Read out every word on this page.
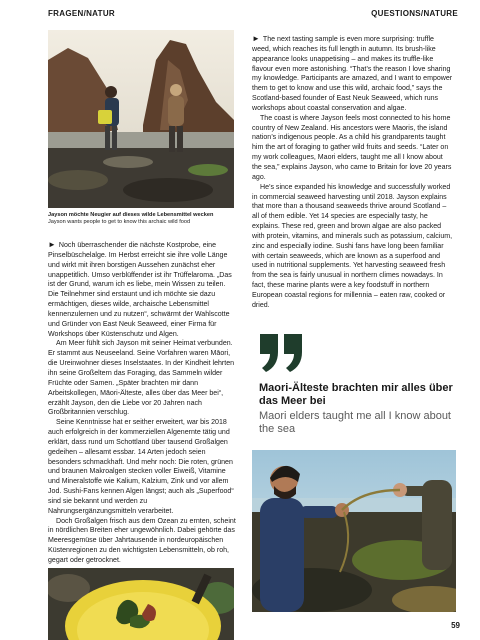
FRAGEN/NATUR	QUESTIONS/NATURE
Jayson möchte Neugier auf dieses wilde Lebensmittel wecken
Jayson wants people to get to know this archaic wild food

► Noch überraschender die nächste Kostprobe, eine Pinselbüschelalge. Im Herbst erreicht sie ihre volle Länge und wirkt mit ihren borstigen Aussehen zunächst eher unappetitlich. Umso verblüffender ist ihr Trüffelaroma. „Das ist der Grund, warum ich es liebe, mein Wissen zu teilen. Die Teilnehmer sind erstaunt und ich möchte sie dazu ermächtigen, dieses wilde, archaische Lebensmittel kennenzulernen und zu nutzen“, schwärmt der Wahlscotte und Gründer von East Neuk Seaweed, einer Firma für Workshops über Küstenschutz und Algen.

Am Meer fühlt sich Jayson mit seiner Heimat verbunden. Er stammt aus Neuseeland. Seine Vorfahren waren Māori, die Ureinwohner dieses Inselstaates. In der Kindheit lehrten ihn seine Großeltern das Foraging, das Sammeln wilder Früchte oder Samen. „Später brachten mir dann Arbeitskollegen, Māori-Älteste, alles über das Meer bei“, erzählt Jayson, den die Liebe vor 20 Jahren nach Großbritannien verschlug.

Seine Kenntnisse hat er seither erweitert, war bis 2018 auch erfolgreich in der kommerziellen Algenernte tätig und erklärt, dass rund um Schottland über tausend Großalgen gedeihen – allesamt essbar. 14 Arten jedoch seien besonders schmackhaft. Und mehr noch: Die roten, grünen und braunen Makroalgen stecken voller Eiweiß, Vitamine und Mineralstoffe wie Kalium, Kalzium, Zink und vor allem Jod. Sushi-Fans kennen Algen längst; auch als „Superfood“ sind sie bekannt und werden zu Nahrungsergänzungsmitteln verarbeitet.

Doch Großalgen frisch aus dem Ozean zu ernten, scheint in nördlichen Breiten eher ungewöhnlich. Dabei gehörte das Meeresgemüse über Jahrtausende in nordeuropäischen Küstenregionen zu den wichtigsten Lebensmitteln, ob roh, gegart oder getrocknet.

► The next tasting sample is even more surprising: truffle weed, which reaches its full length in autumn. Its brush-like appearance looks unappetising – and makes its truffle-like flavour even more astonishing. “That’s the reason I love sharing my knowledge. Participants are amazed, and I want to empower them to get to know and use this wild, archaic food,” says the Scotland-based founder of East Neuk Seaweed, which runs workshops about coastal conservation and algae.

The coast is where Jayson feels most connected to his home country of New Zealand. His ancestors were Maoris, the island nation’s indigenous people. As a child his grandparents taught him the art of foraging to gather wild fruits and seeds. “Later on my work colleagues, Maori elders, taught me all I know about the sea,” explains Jayson, who came to Britain for love 20 years ago.

He’s since expanded his knowledge and successfully worked in commercial seaweed harvesting until 2018. Jayson explains that more than a thousand seaweeds thrive around Scotland – all of them edible. Yet 14 species are especially tasty, he explains. These red, green and brown algae are also packed with protein, vitamins, and minerals such as potassium, calcium, zinc and especially iodine. Sushi fans have long been familiar with certain seaweeds, which are known as a superfood and used in nutritional supplements. Yet harvesting seaweed fresh from the sea is fairly unusual in northern climes nowadays. In fact, these marine plants were a key foodstuff in northern European coastal regions for millennia – eaten raw, cooked or dried.

Maori-Älteste brachten mir alles über das Meer bei
Maori elders taught me all I know about the sea
59
